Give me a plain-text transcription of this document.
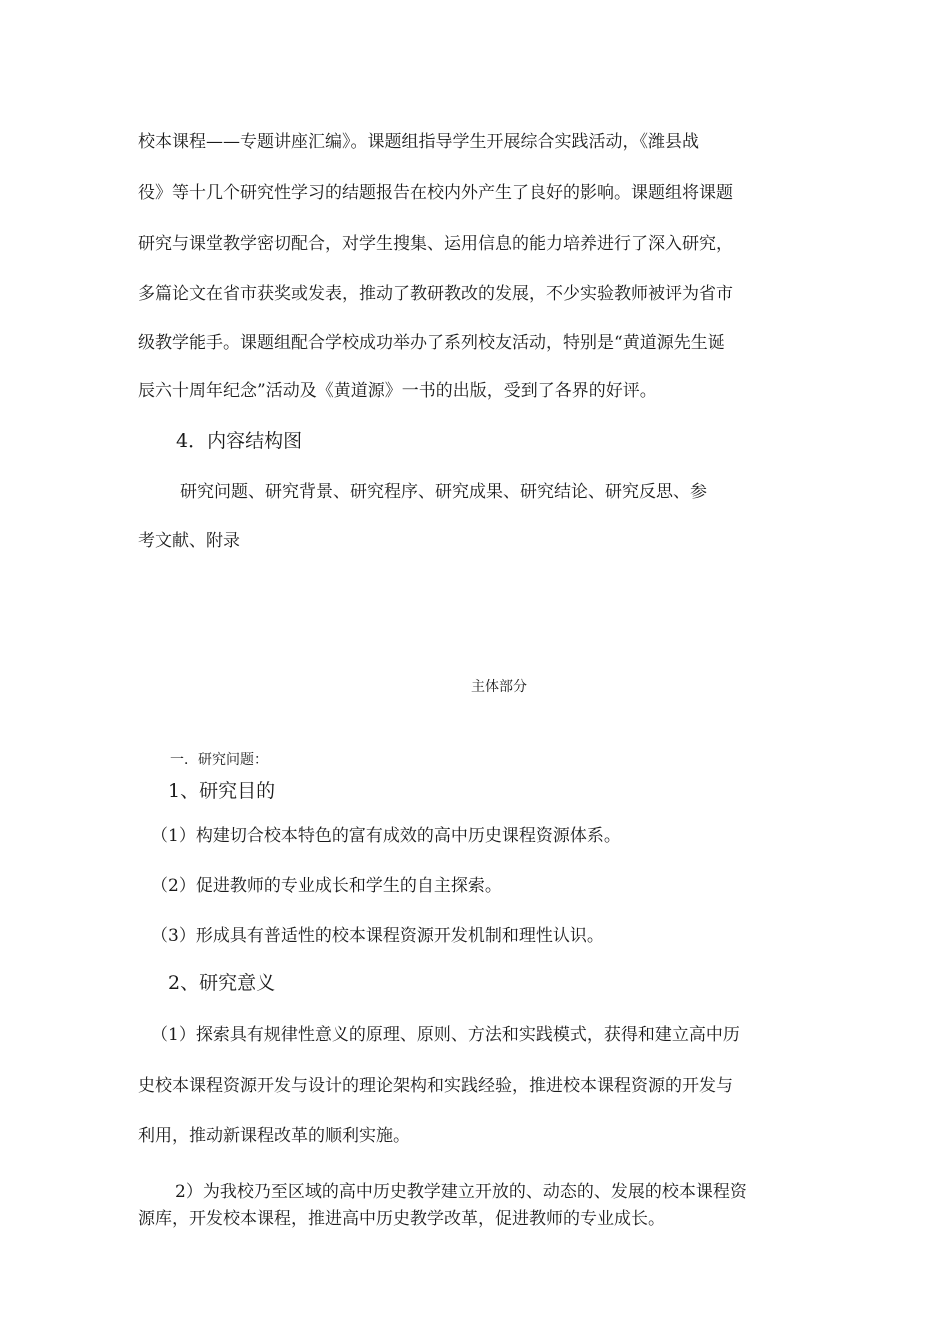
校本课程——专题讲座汇编》。课题组指导学生开展综合实践活动，《潍县战
役》等十几个研究性学习的结题报告在校内外产生了良好的影响。课题组将课题
研究与课堂教学密切配合，对学生搜集、运用信息的能力培养进行了深入研究，
多篇论文在省市获奖或发表，推动了教研教改的发展，不少实验教师被评为省市
级教学能手。课题组配合学校成功举办了系列校友活动，特别是“黄道源先生诞
辰六十周年纪念”活动及《黄道源》一书的出版，受到了各界的好评。
4．内容结构图
研究问题、研究背景、研究程序、研究成果、研究结论、研究反思、参
考文献、附录
主体部分
一．研究问题：
1、研究目的
（1）构建切合校本特色的富有成效的高中历史课程资源体系。
（2）促进教师的专业成长和学生的自主探索。
（3）形成具有普适性的校本课程资源开发机制和理性认识。
2、研究意义
（1）探索具有规律性意义的原理、原则、方法和实践模式，获得和建立高中历
史校本课程资源开发与设计的理论架构和实践经验，推进校本课程资源的开发与
利用，推动新课程改革的顺利实施。
2）为我校乃至区域的高中历史教学建立开放的、动态的、发展的校本课程资
源库，开发校本课程，推进高中历史教学改革，促进教师的专业成长。
